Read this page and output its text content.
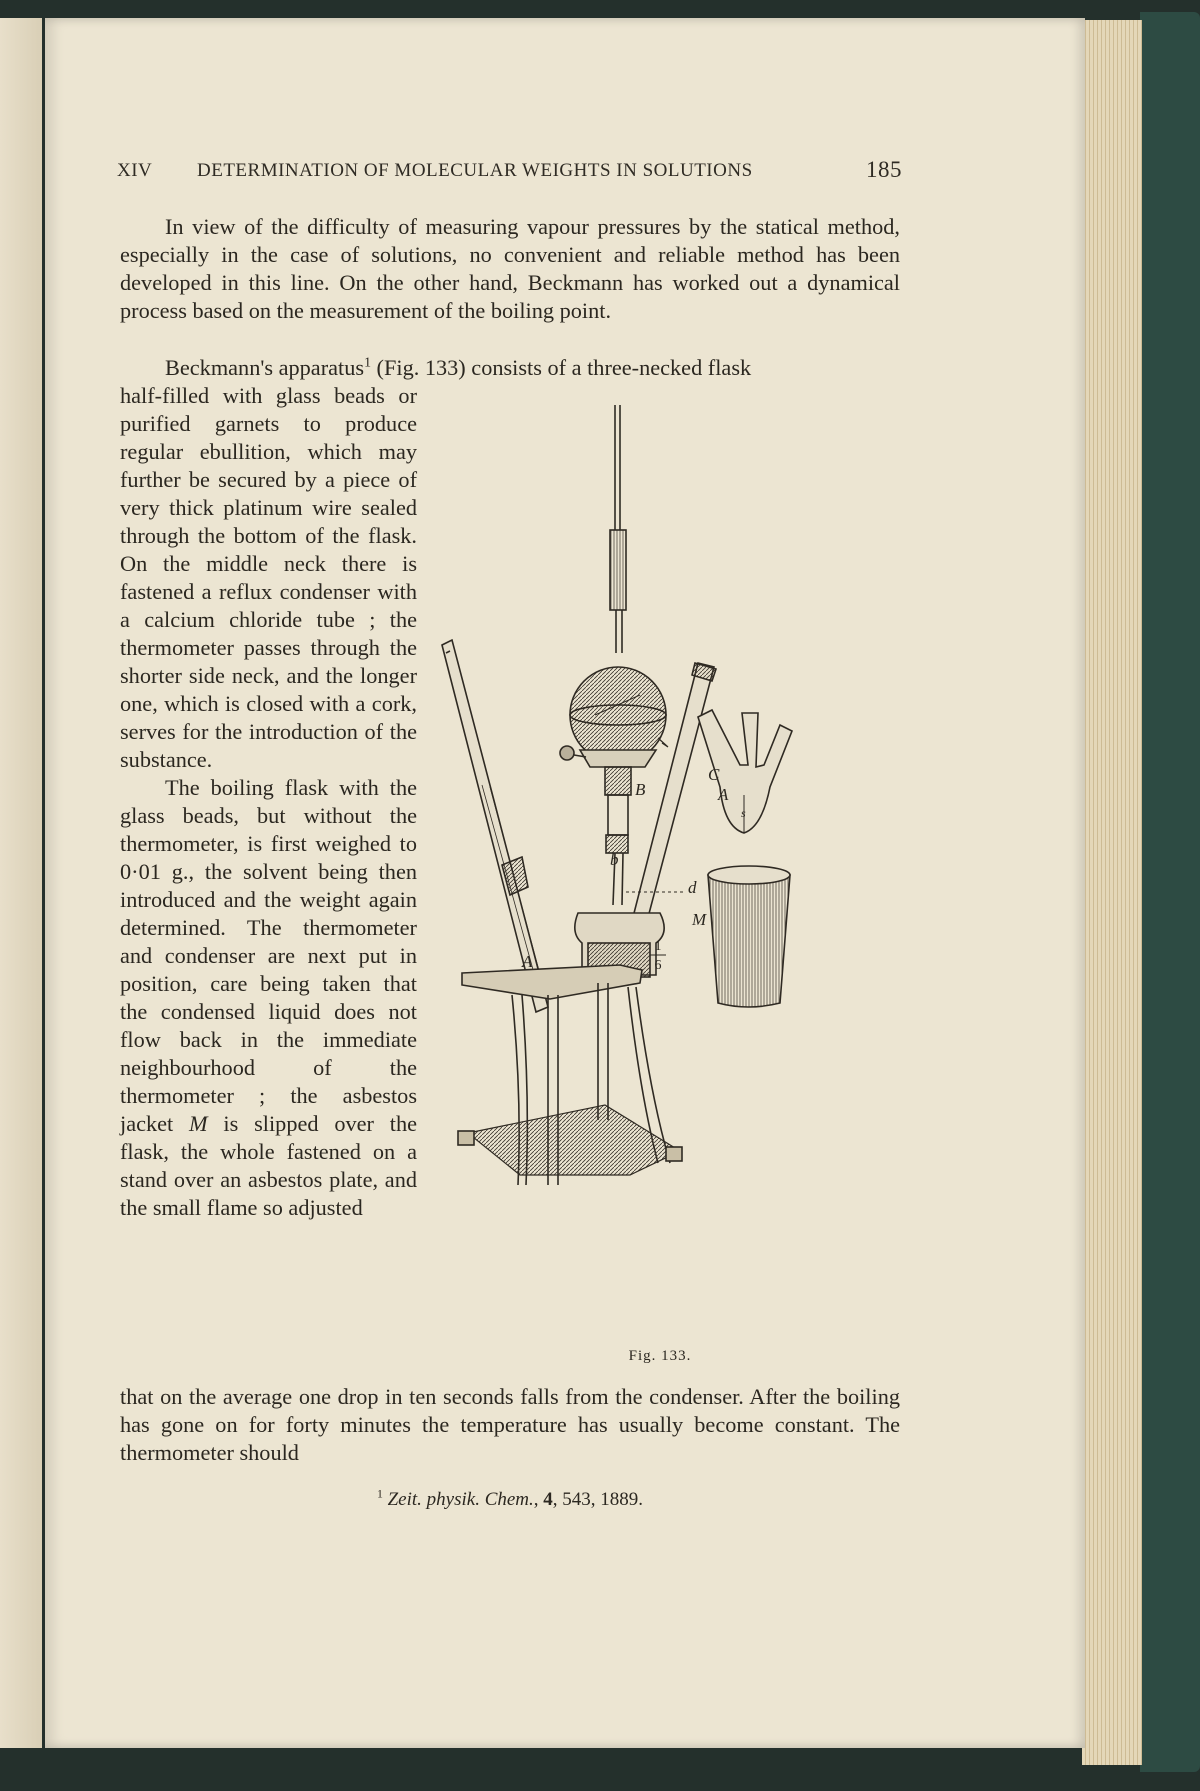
XIV DETERMINATION OF MOLECULAR WEIGHTS IN SOLUTIONS	185

In view of the difficulty of measuring vapour pressures by the statical method, especially in the case of solutions, no convenient and reliable method has been developed in this line. On the other hand, Beckmann has worked out a dynamical process based on the measurement of the boiling point.

Beckmann's apparatus$^1$ (Fig. 133) consists of a three-necked flask

half-filled with glass beads or purified garnets to produce regular ebullition, which may further be secured by a piece of very thick platinum wire sealed through the bottom of the flask. On the middle neck there is fastened a reflux condenser with a calcium chloride tube ; the thermometer passes through the shorter side neck, and the longer one, which is closed with a cork, serves for the introduction of the substance.

The boiling flask with the glass beads, but without the thermometer, is first weighed to 0·01 g., the solvent being then introduced and the weight again determined. The thermometer and condenser are next put in position, care being taken that the condensed liquid does not flow back in the immediate neighbourhood of the thermometer ; the asbestos jacket M is slipped over the flask, the whole fastened on a stand over an asbestos plate, and the small flame so adjusted

that on the average one drop in ten seconds falls from the condenser. After the boiling has gone on for forty minutes the temperature has usually become constant. The thermometer should

$^1$ Zeit. physik. Chem., 4, 543, 1889.
A
B
C
b
d
A
s
M
1
6
Fig. 133.
